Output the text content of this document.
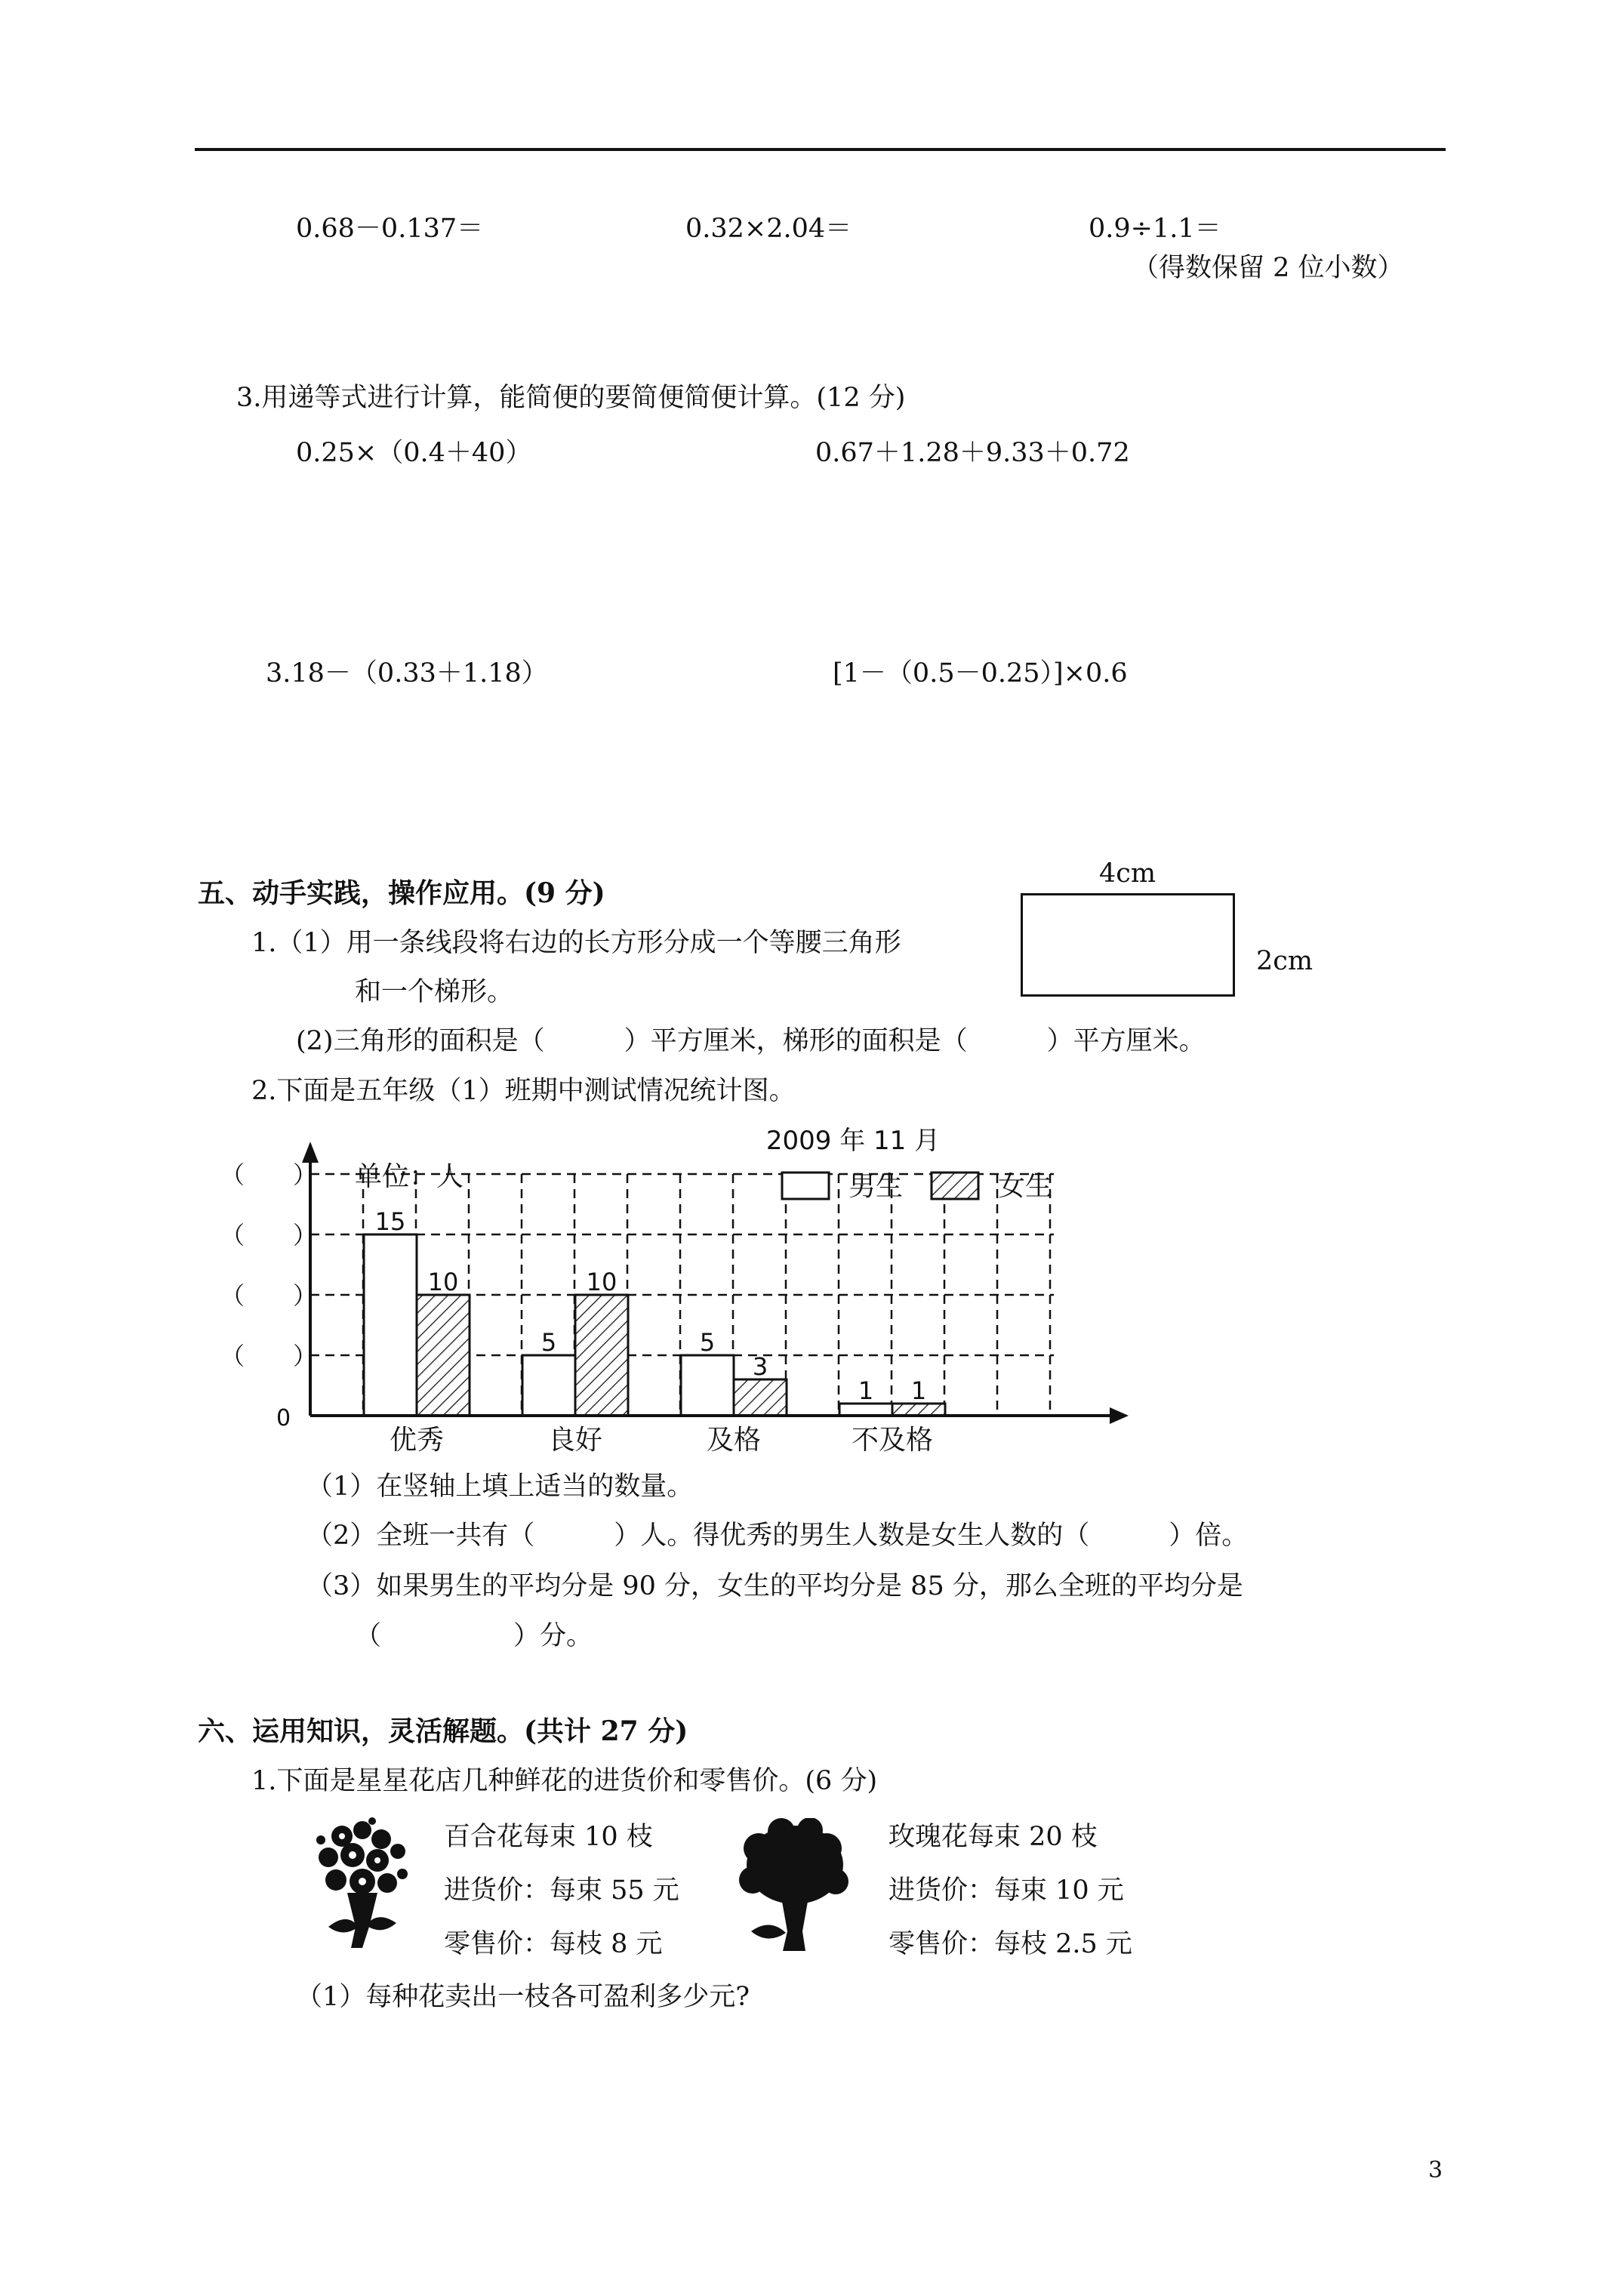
0.68－0.137＝	0.32×2.04＝	0.9÷1.1＝
（得数保留 2 位小数）
3.用递等式进行计算，能简便的要简便简便计算。(12 分)
0.25×（0.4＋40）	0.67＋1.28＋9.33＋0.72
3.18－（0.33＋1.18）	[1－（0.5－0.25）]×0.6
五、动手实践，操作应用。(9 分)
4cm
2cm
1.（1）用一条线段将右边的长方形分成一个等腰三角形
和一个梯形。
(2)三角形的面积是（　　　）平方厘米，梯形的面积是（　　　）平方厘米。
2.下面是五年级（1）班期中测试情况统计图。
2009 年 11 月
单位：人	男生	女生
0
（　　）
（　　）
（　　）
（　　）
优秀	良好	及格	不及格
15
10
5
10
5
3
1 1
（1）在竖轴上填上适当的数量。
（2）全班一共有（　　　）人。得优秀的男生人数是女生人数的（　　　）倍。
（3）如果男生的平均分是 90 分，女生的平均分是 85 分，那么全班的平均分是
（　　　　　）分。
六、运用知识，灵活解题。(共计 27 分)
1.下面是星星花店几种鲜花的进货价和零售价。(6 分)
百合花每束 10 枝
进货价：每束 55 元
零售价：每枝 8 元
玫瑰花每束 20 枝
进货价：每束 10 元
零售价：每枝 2.5 元
（1）每种花卖出一枝各可盈利多少元?
3
